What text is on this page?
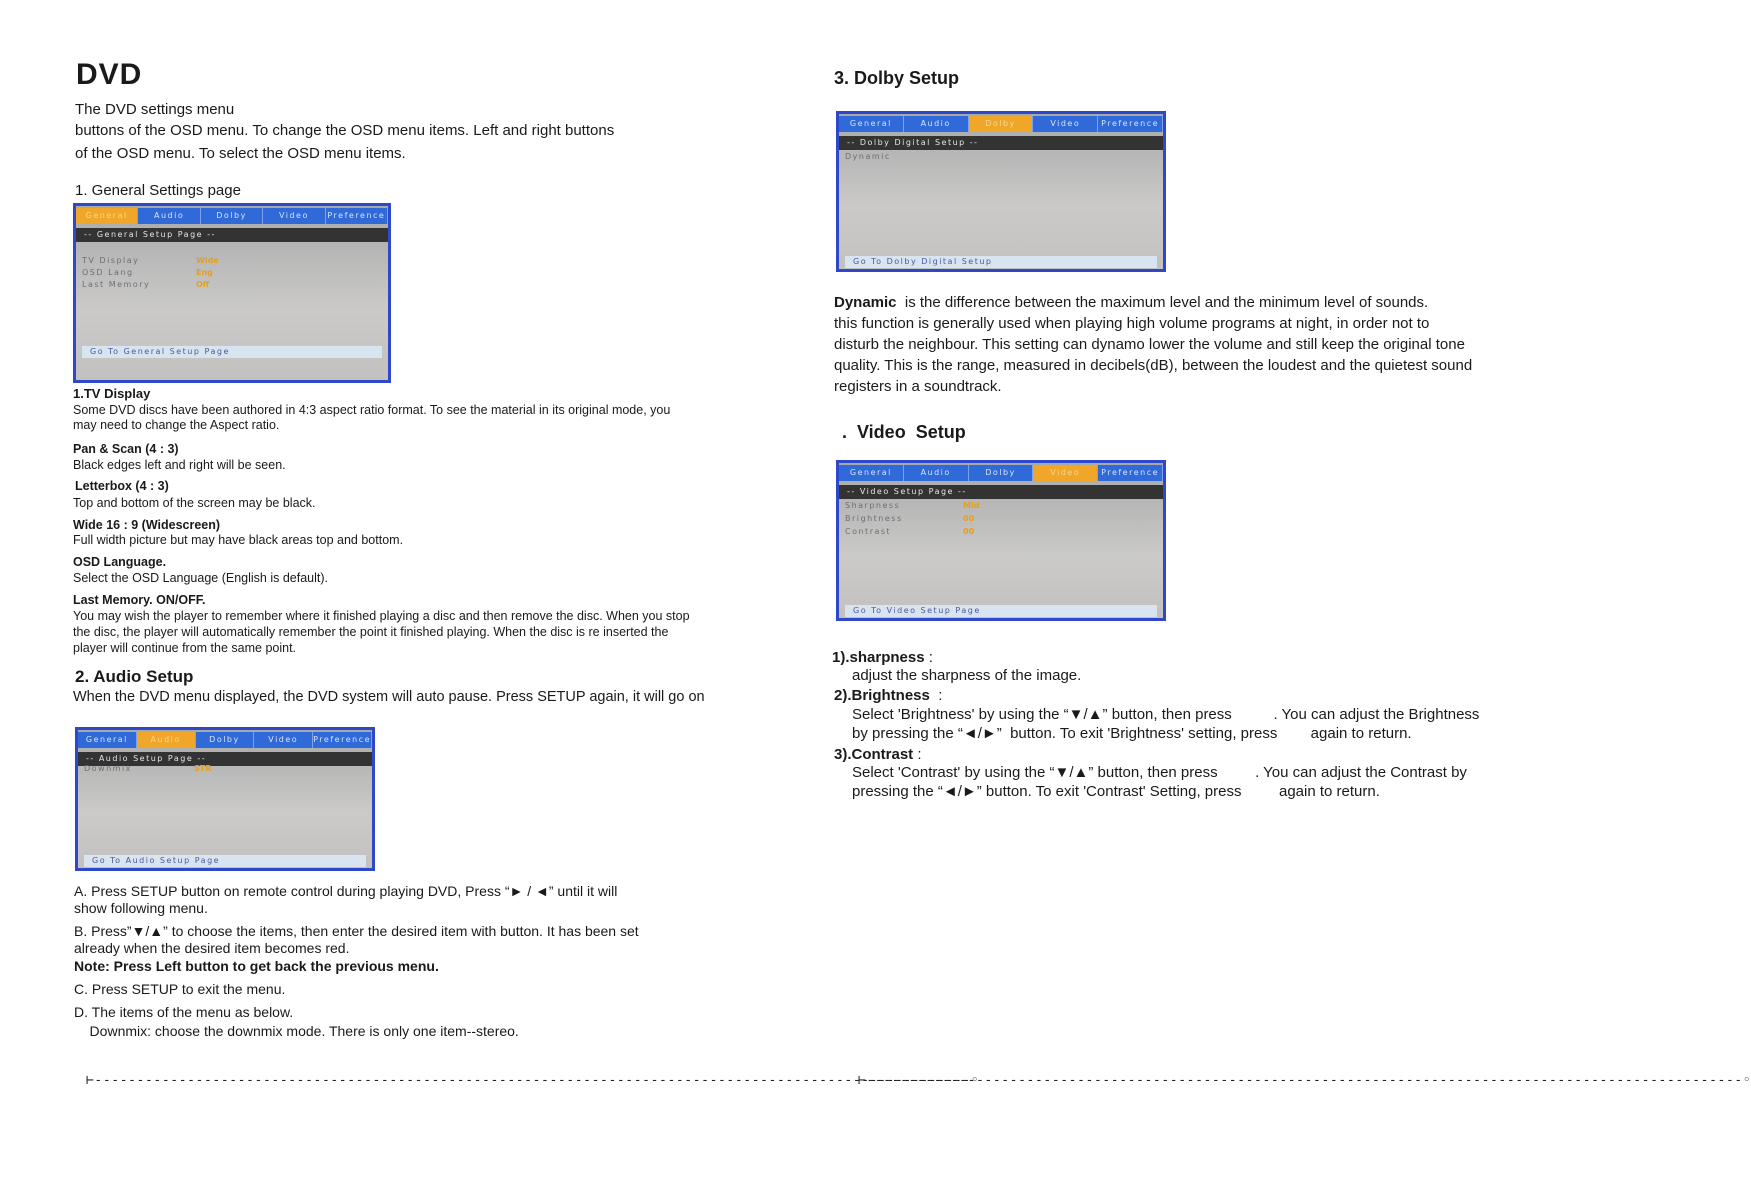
DVD
The DVD settings menu
buttons of the OSD menu. To change the OSD menu items. Left and right buttons
of the OSD menu. To select the OSD menu items.
1. General Settings page
General	Audio	Dolby	Video	Preference
-- General Setup Page --
TV Display	Wide
OSD Lang	Eng
Last Memory	Off
Go To General Setup Page
1.TV Display
Some DVD discs have been authored in 4:3 aspect ratio format. To see the material in its original mode, you
may need to change the Aspect ratio.
Pan & Scan (4 : 3)
Black edges left and right will be seen.
Letterbox (4 : 3)
Top and bottom of the screen may be black.
Wide 16 : 9 (Widescreen)
Full width picture but may have black areas top and bottom.
OSD Language.
Select the OSD Language (English is default).
Last Memory. ON/OFF.
You may wish the player to remember where it finished playing a disc and then remove the disc. When you stop
the disc, the player will automatically remember the point it finished playing. When the disc is re inserted the
player will continue from the same point.
2. Audio Setup
When the DVD menu displayed, the DVD system will auto pause. Press SETUP again, it will go on
General	Audio	Dolby	Video	Preference
-- Audio Setup Page --
Downmix	STR
Go To Audio Setup Page
A. Press SETUP button on remote control during playing DVD, Press “► / ◄” until it will
show following menu.
B. Press”▼/▲” to choose the items, then enter the desired item with button. It has been set
already when the desired item becomes red.
Note: Press Left button to get back the previous menu.
C. Press SETUP to exit the menu.
D. The items of the menu as below.
Downmix: choose the downmix mode. There is only one item--stereo.
⊢--------------------------------------------------------------------------------------------------------◦
3. Dolby Setup
General	Audio	Dolby	Video	Preference
-- Dolby Digital Setup --
Dynamic
Go To Dolby Digital Setup
Dynamic  is the difference between the maximum level and the minimum level of sounds.
this function is generally used when playing high volume programs at night, in order not to
disturb the neighbour. This setting can dynamo lower the volume and still keep the original tone
quality. This is the range, measured in decibels(dB), between the loudest and the quietest sound
registers in a soundtrack.
.  Video  Setup
General	Audio	Dolby	Video	Preference
-- Video Setup Page --
Sharpness	Mid
Brightness	00
Contrast	00
Go To Video Setup Page
1).sharpness :
adjust the sharpness of the image.
2).Brightness  :
Select 'Brightness' by using the “▼/▲” button, then press          . You can adjust the Brightness
by pressing the “◄/►”  button. To exit 'Brightness' setting, press        again to return.
3).Contrast :
Select 'Contrast' by using the “▼/▲” button, then press         . You can adjust the Contrast by
pressing the “◄/►” button. To exit 'Contrast' Setting, press         again to return.
⊢--------------------------------------------------------------------------------------------------------◦
